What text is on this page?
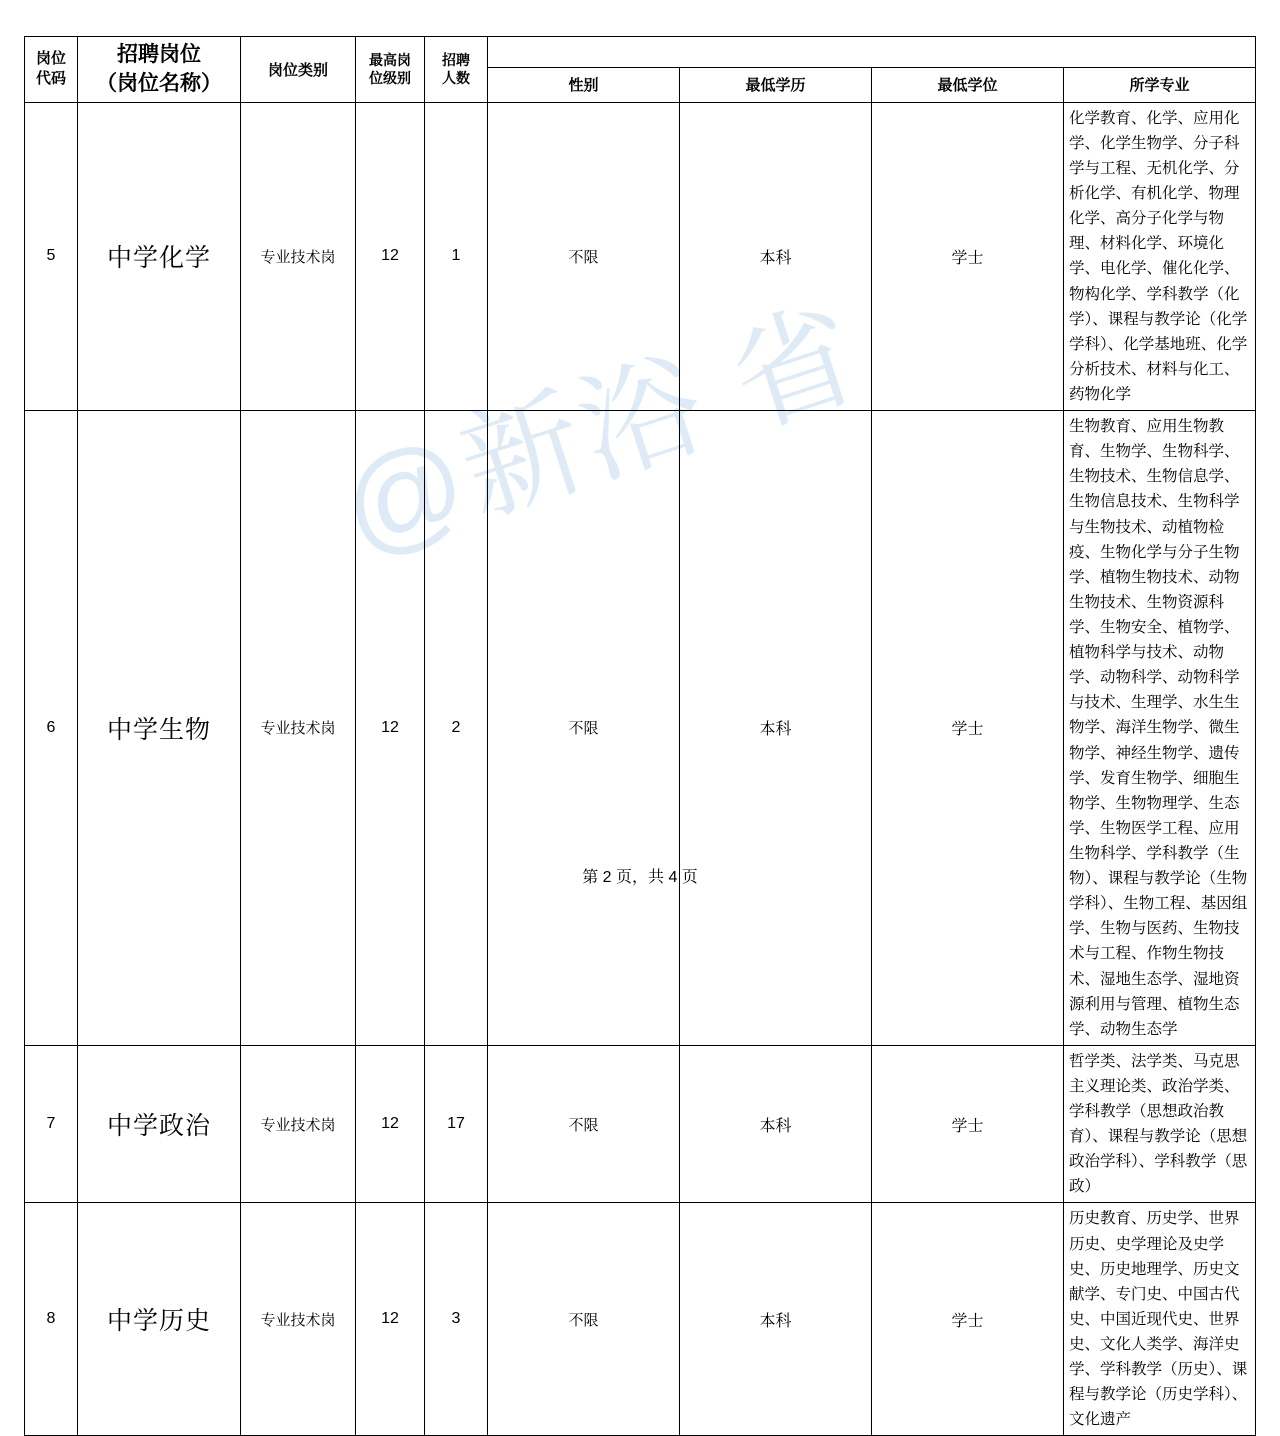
@新浴 省
岗位
代码

招聘岗位
（岗位名称）
	岗位类别	
最高岗
位级别

招聘
人数

					性别	最低学历	最低学位	所学专业
5	中学化学	专业技术岗	12	1	不限	本科	学士	化学教育、化学、应用化学、化学生物学、分子科学与工程、无机化学、分析化学、有机化学、物理化学、高分子化学与物理、材料化学、环境化学、电化学、催化化学、物构化学、学科教学（化学）、课程与教学论（化学学科）、化学基地班、化学分析技术、材料与化工、药物化学
6	中学生物	专业技术岗	12	2	不限	本科	学士	生物教育、应用生物教育、生物学、生物科学、生物技术、生物信息学、生物信息技术、生物科学与生物技术、动植物检疫、生物化学与分子生物学、植物生物技术、动物生物技术、生物资源科学、生物安全、植物学、植物科学与技术、动物学、动物科学、动物科学与技术、生理学、水生生物学、海洋生物学、微生物学、神经生物学、遗传学、发育生物学、细胞生物学、生物物理学、生态学、生物医学工程、应用生物科学、学科教学（生物）、课程与教学论（生物学科）、生物工程、基因组学、生物与医药、生物技术与工程、作物生物技术、湿地生态学、湿地资源利用与管理、植物生态学、动物生态学
7	中学政治	专业技术岗	12	17	不限	本科	学士	哲学类、法学类、马克思主义理论类、政治学类、学科教学（思想政治教育）、课程与教学论（思想政治学科）、学科教学（思政）
8	中学历史	专业技术岗	12	3	不限	本科	学士	历史教育、历史学、世界历史、史学理论及史学史、历史地理学、历史文献学、专门史、中国古代史、中国近现代史、世界史、文化人类学、海洋史学、学科教学（历史）、课程与教学论（历史学科）、文化遗产
第 2 页，共 4 页
